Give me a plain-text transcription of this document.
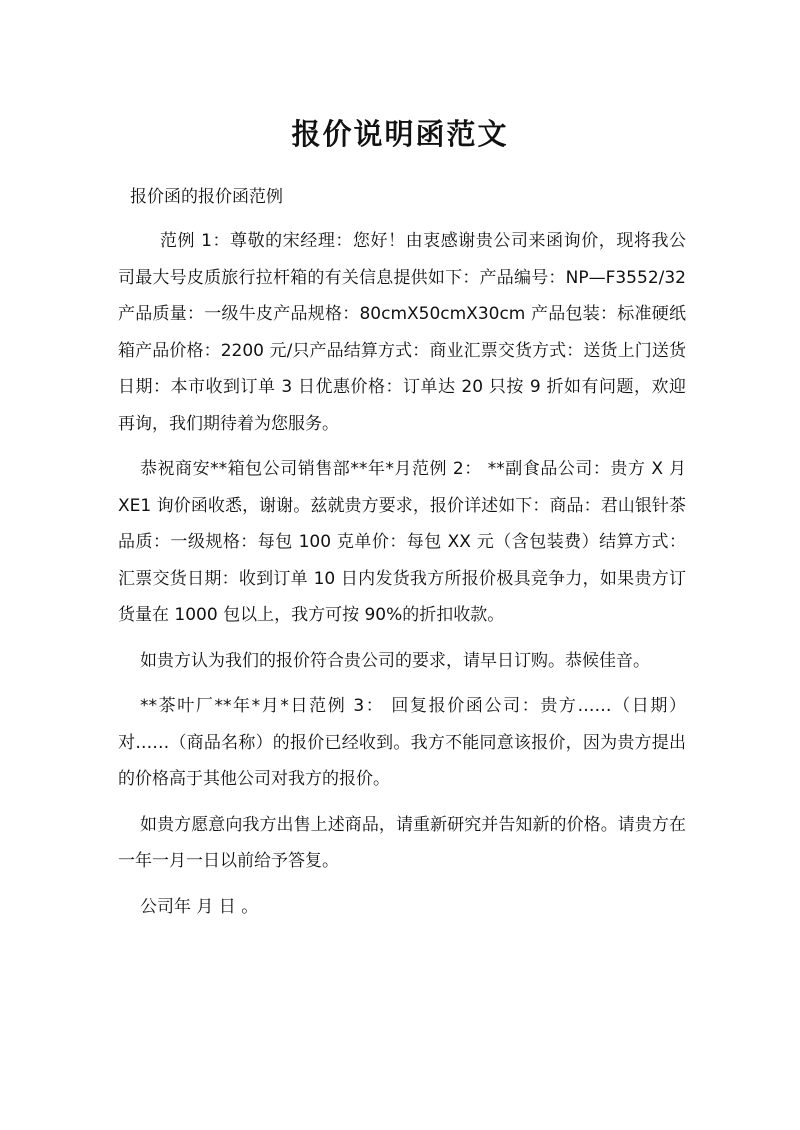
报价说明函范文

报价函的报价函范例

范例 1：尊敬的宋经理：您好！由衷感谢贵公司来函询价，现将我公司最大号皮质旅行拉杆箱的有关信息提供如下：产品编号：NP—F3552/32 产品质量：一级牛皮产品规格：80cmX50cmX30cm 产品包装：标准硬纸箱产品价格：2200 元/只产品结算方式：商业汇票交货方式：送货上门送货日期：本市收到订单 3 日优惠价格：订单达 20 只按 9 折如有问题，欢迎再询，我们期待着为您服务。

恭祝商安**箱包公司销售部**年*月范例 2： **副食品公司：贵方 X 月 XE1 询价函收悉，谢谢。兹就贵方要求，报价详述如下：商品：君山银针茶品质：一级规格：每包 100 克单价：每包 XX 元（含包装费）结算方式：汇票交货日期：收到订单 10 日内发货我方所报价极具竞争力，如果贵方订货量在 1000 包以上，我方可按 90%的折扣收款。

如贵方认为我们的报价符合贵公司的要求，请早日订购。恭候佳音。

**茶叶厂**年*月*日范例 3： 回复报价函公司：贵方……（日期）对……（商品名称）的报价已经收到。我方不能同意该报价，因为贵方提出的价格高于其他公司对我方的报价。

如贵方愿意向我方出售上述商品，请重新研究并告知新的价格。请贵方在一年一月一日以前给予答复。

公司年 月 日 。
